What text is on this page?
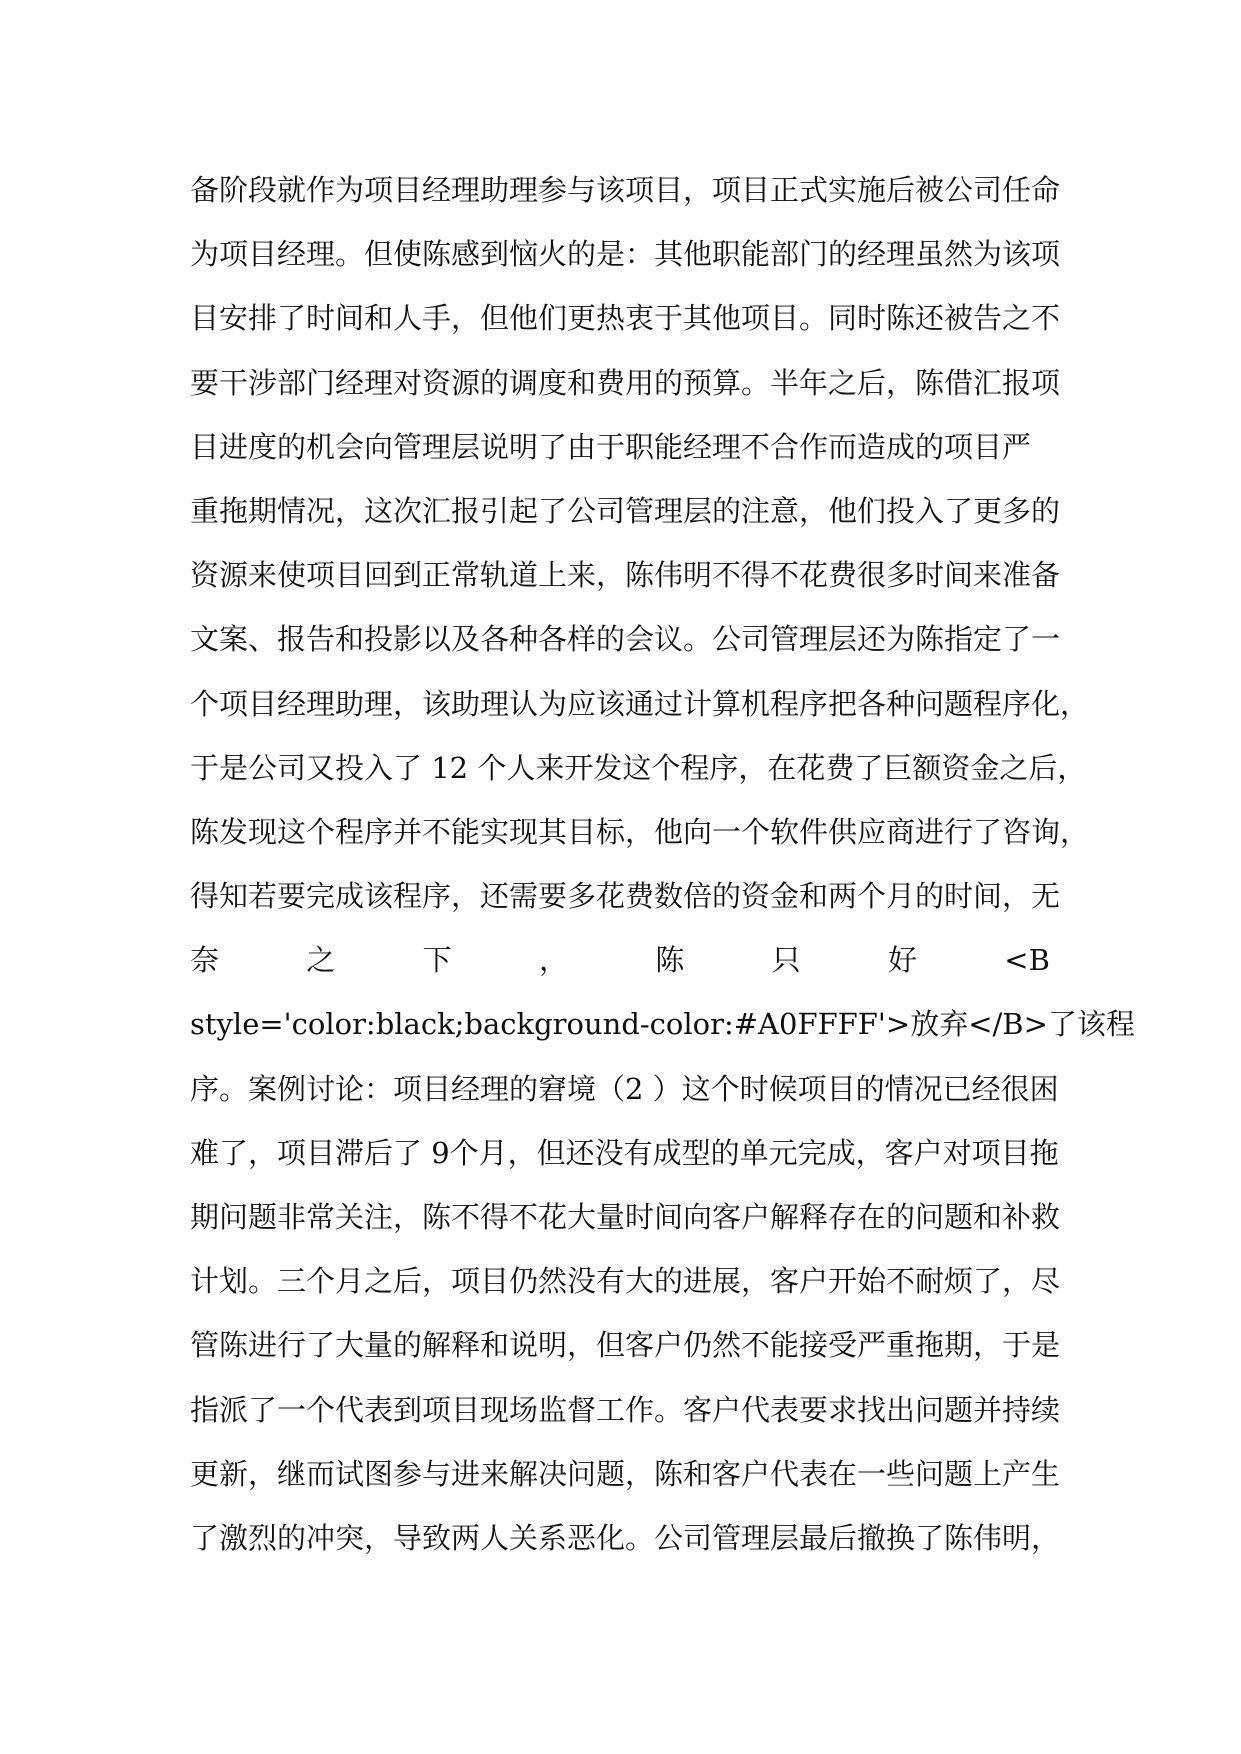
备阶段就作为项目经理助理参与该项目，项目正式实施后被公司任命
为项目经理。但使陈感到恼火的是：其他职能部门的经理虽然为该项
目安排了时间和人手，但他们更热衷于其他项目。同时陈还被告之不
要干涉部门经理对资源的调度和费用的预算。半年之后，陈借汇报项
目进度的机会向管理层说明了由于职能经理不合作而造成的项目严
重拖期情况，这次汇报引起了公司管理层的注意，他们投入了更多的
资源来使项目回到正常轨道上来，陈伟明不得不花费很多时间来准备
文案、报告和投影以及各种各样的会议。公司管理层还为陈指定了一
个项目经理助理，该助理认为应该通过计算机程序把各种问题程序化，
于是公司又投入了 12 个人来开发这个程序，在花费了巨额资金之后，
陈发现这个程序并不能实现其目标，他向一个软件供应商进行了咨询，
得知若要完成该程序，还需要多花费数倍的资金和两个月的时间，无
奈	之	下	，	陈	只	好	<B
style='color:black;background-color:#A0FFFF'>放弃</B>了该程
序。案例讨论：项目经理的窘境（2 ）这个时候项目的情况已经很困
难了，项目滞后了 9个月，但还没有成型的单元完成，客户对项目拖
期问题非常关注，陈不得不花大量时间向客户解释存在的问题和补救
计划。三个月之后，项目仍然没有大的进展，客户开始不耐烦了，尽
管陈进行了大量的解释和说明，但客户仍然不能接受严重拖期，于是
指派了一个代表到项目现场监督工作。客户代表要求找出问题并持续
更新，继而试图参与进来解决问题，陈和客户代表在一些问题上产生
了激烈的冲突，导致两人关系恶化。公司管理层最后撤换了陈伟明，
